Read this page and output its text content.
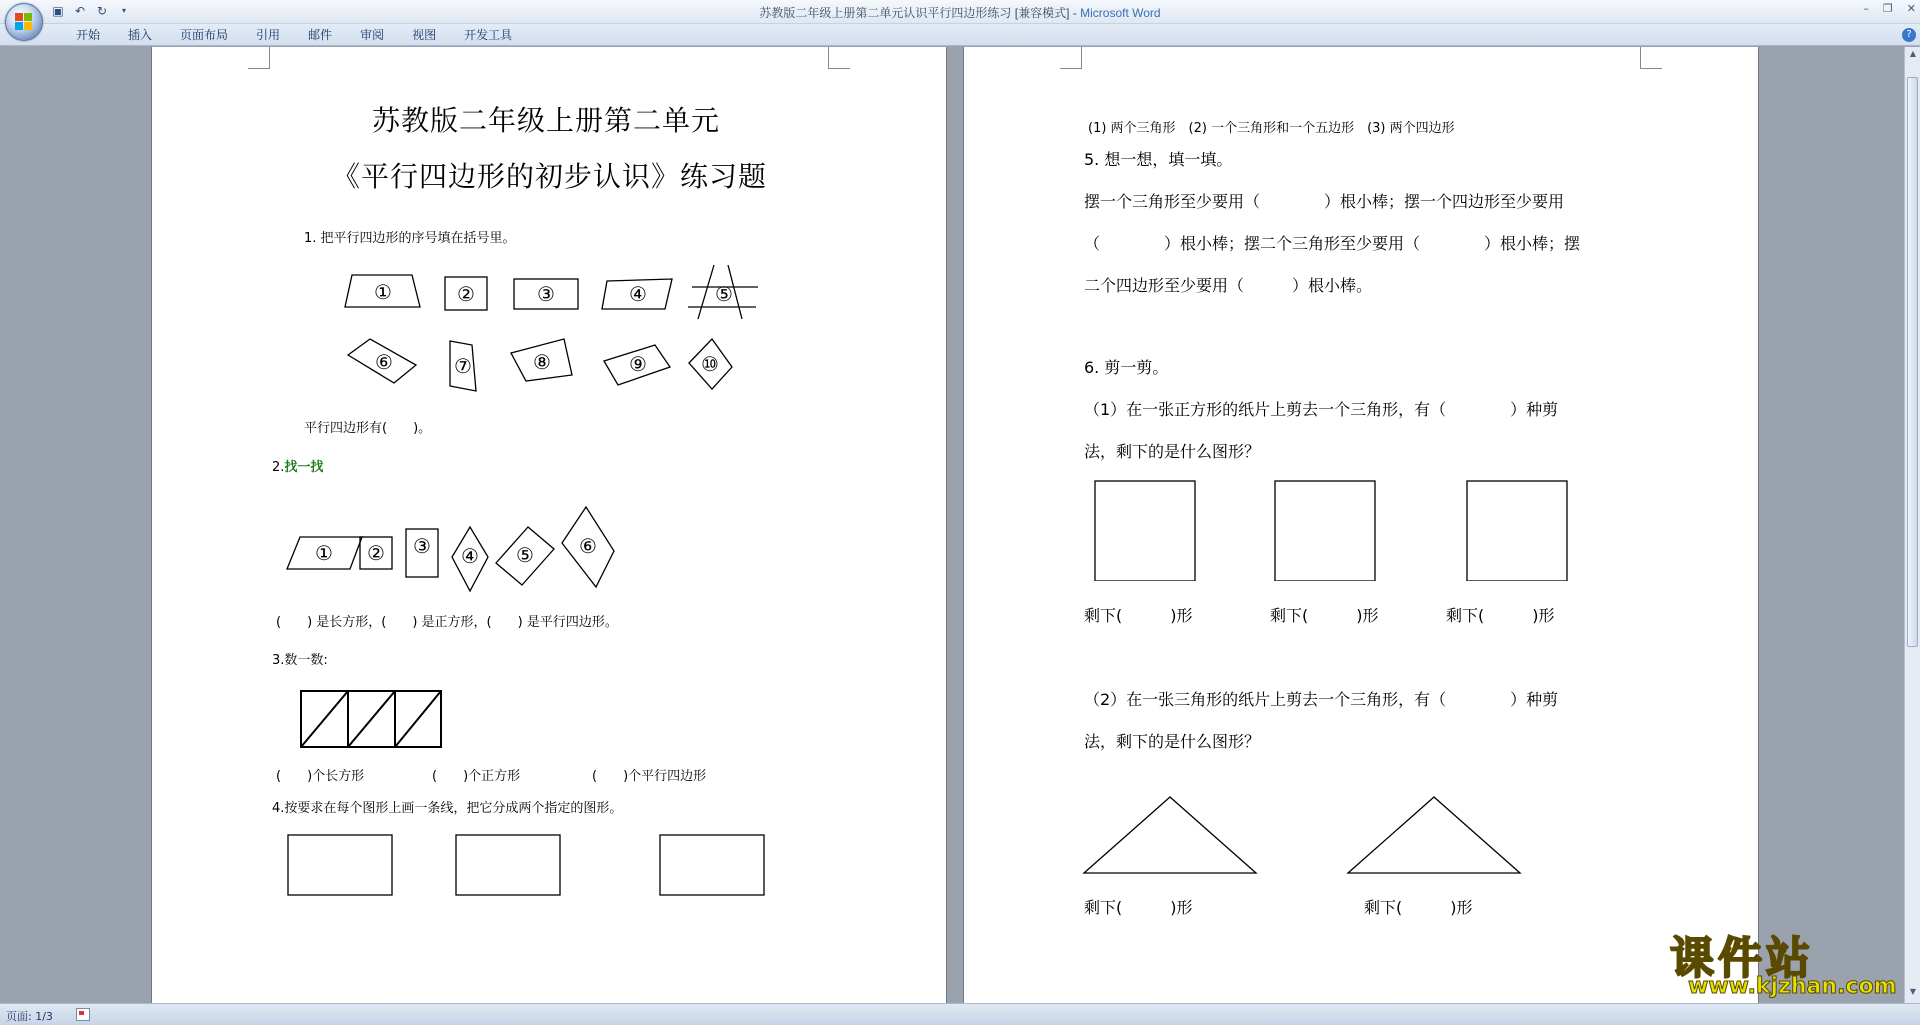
苏教版二年级上册第二单元认识平行四边形练习 [兼容模式] - Microsoft Word
▣ ↶ ↻	▾	– ❐ ✕
开始	插入	页面布局	引用	邮件	审阅	视图	开发工具	?
苏教版二年级上册第二单元
《平行四边形的初步认识》练习题
1. 把平行四边形的序号填在括号里。
①	②	③	④	⑤
⑥	⑦	⑧	⑨	⑩
平行四边形有(　　)。
2.找一找
① ② ③ ④ ⑤ ⑥
(　　) 是长方形，(　　) 是正方形，(　　) 是平行四边形。
3.数一数:
(　　)个长方形	(　　)个正方形	(　　)个平行四边形
4.按要求在每个图形上画一条线，把它分成两个指定的图形。
(1) 两个三角形　(2) 一个三角形和一个五边形　(3) 两个四边形
5. 想一想，填一填。
摆一个三角形至少要用（　　　　）根小棒；摆一个四边形至少要用
（　　　　）根小棒；摆二个三角形至少要用（　　　　）根小棒；摆
二个四边形至少要用（　　　）根小棒。
6. 剪一剪。
（1）在一张正方形的纸片上剪去一个三角形，有（　　　　）种剪
法，剩下的是什么图形？
剩下(　　　)形	剩下(　　　)形	剩下(　　　)形
（2）在一张三角形的纸片上剪去一个三角形，有（　　　　）种剪
法，剩下的是什么图形？
剩下(　　　)形	剩下(　　　)形
▲
▼
页面: 1/3
课件站
www.kjzhan.com
